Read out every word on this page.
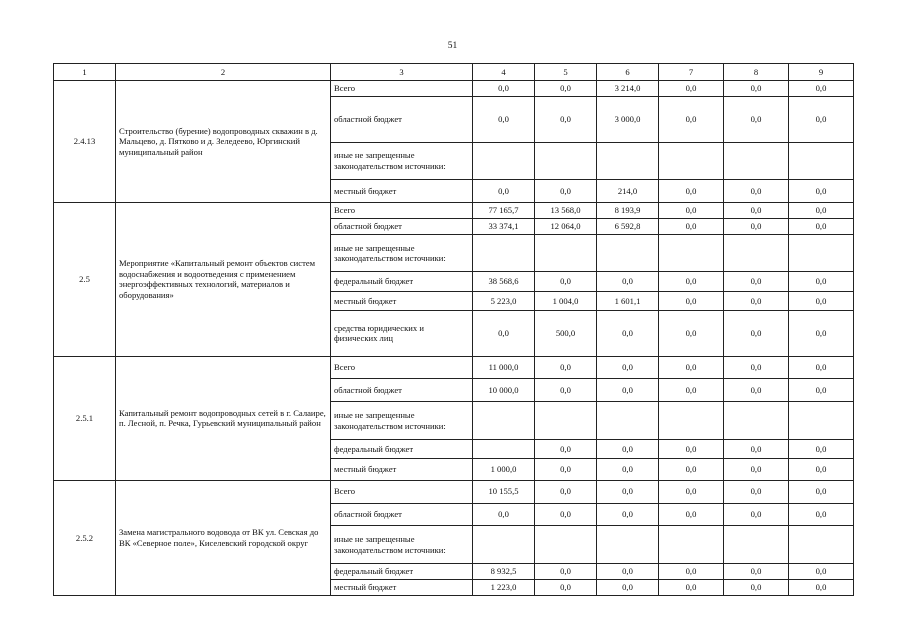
51
1	2	3	4	5	6	7	8	9
2.4.13	Строительство (бурение) водопроводных скважин в д. Мальцево, д. Пятково и д. Зеледеево, Юргинский муниципальный район	Всего	0,0	0,0	3 214,0	0,0	0,0	0,0
		областной бюджет	0,0	0,0	3 000,0	0,0	0,0	0,0
		иные не запрещенные законодательством источники:						
		местный бюджет	0,0	0,0	214,0	0,0	0,0	0,0
2.5	Мероприятие «Капитальный ремонт объектов систем водоснабжения и водоотведения с применением энергоэффективных технологий, материалов и оборудования»	Всего	77 165,7	13 568,0	8 193,9	0,0	0,0	0,0
		областной бюджет	33 374,1	12 064,0	6 592,8	0,0	0,0	0,0
		иные не запрещенные законодательством источники:						
		федеральный бюджет	38 568,6	0,0	0,0	0,0	0,0	0,0
		местный бюджет	5 223,0	1 004,0	1 601,1	0,0	0,0	0,0
		средства юридических и физических лиц	0,0	500,0	0,0	0,0	0,0	0,0
2.5.1	Капитальный ремонт водопроводных сетей в г. Салаире, п. Лесной, п. Речка, Гурьевский муниципальный район	Всего	11 000,0	0,0	0,0	0,0	0,0	0,0
		областной бюджет	10 000,0	0,0	0,0	0,0	0,0	0,0
		иные не запрещенные законодательством источники:						
		федеральный бюджет		0,0	0,0	0,0	0,0	0,0
		местный бюджет	1 000,0	0,0	0,0	0,0	0,0	0,0
2.5.2	Замена магистрального водовода от ВК ул. Севская до ВК «Северное поле», Киселевский городской округ	Всего	10 155,5	0,0	0,0	0,0	0,0	0,0
		областной бюджет	0,0	0,0	0,0	0,0	0,0	0,0
		иные не запрещенные законодательством источники:						
		федеральный бюджет	8 932,5	0,0	0,0	0,0	0,0	0,0
		местный бюджет	1 223,0	0,0	0,0	0,0	0,0	0,0
